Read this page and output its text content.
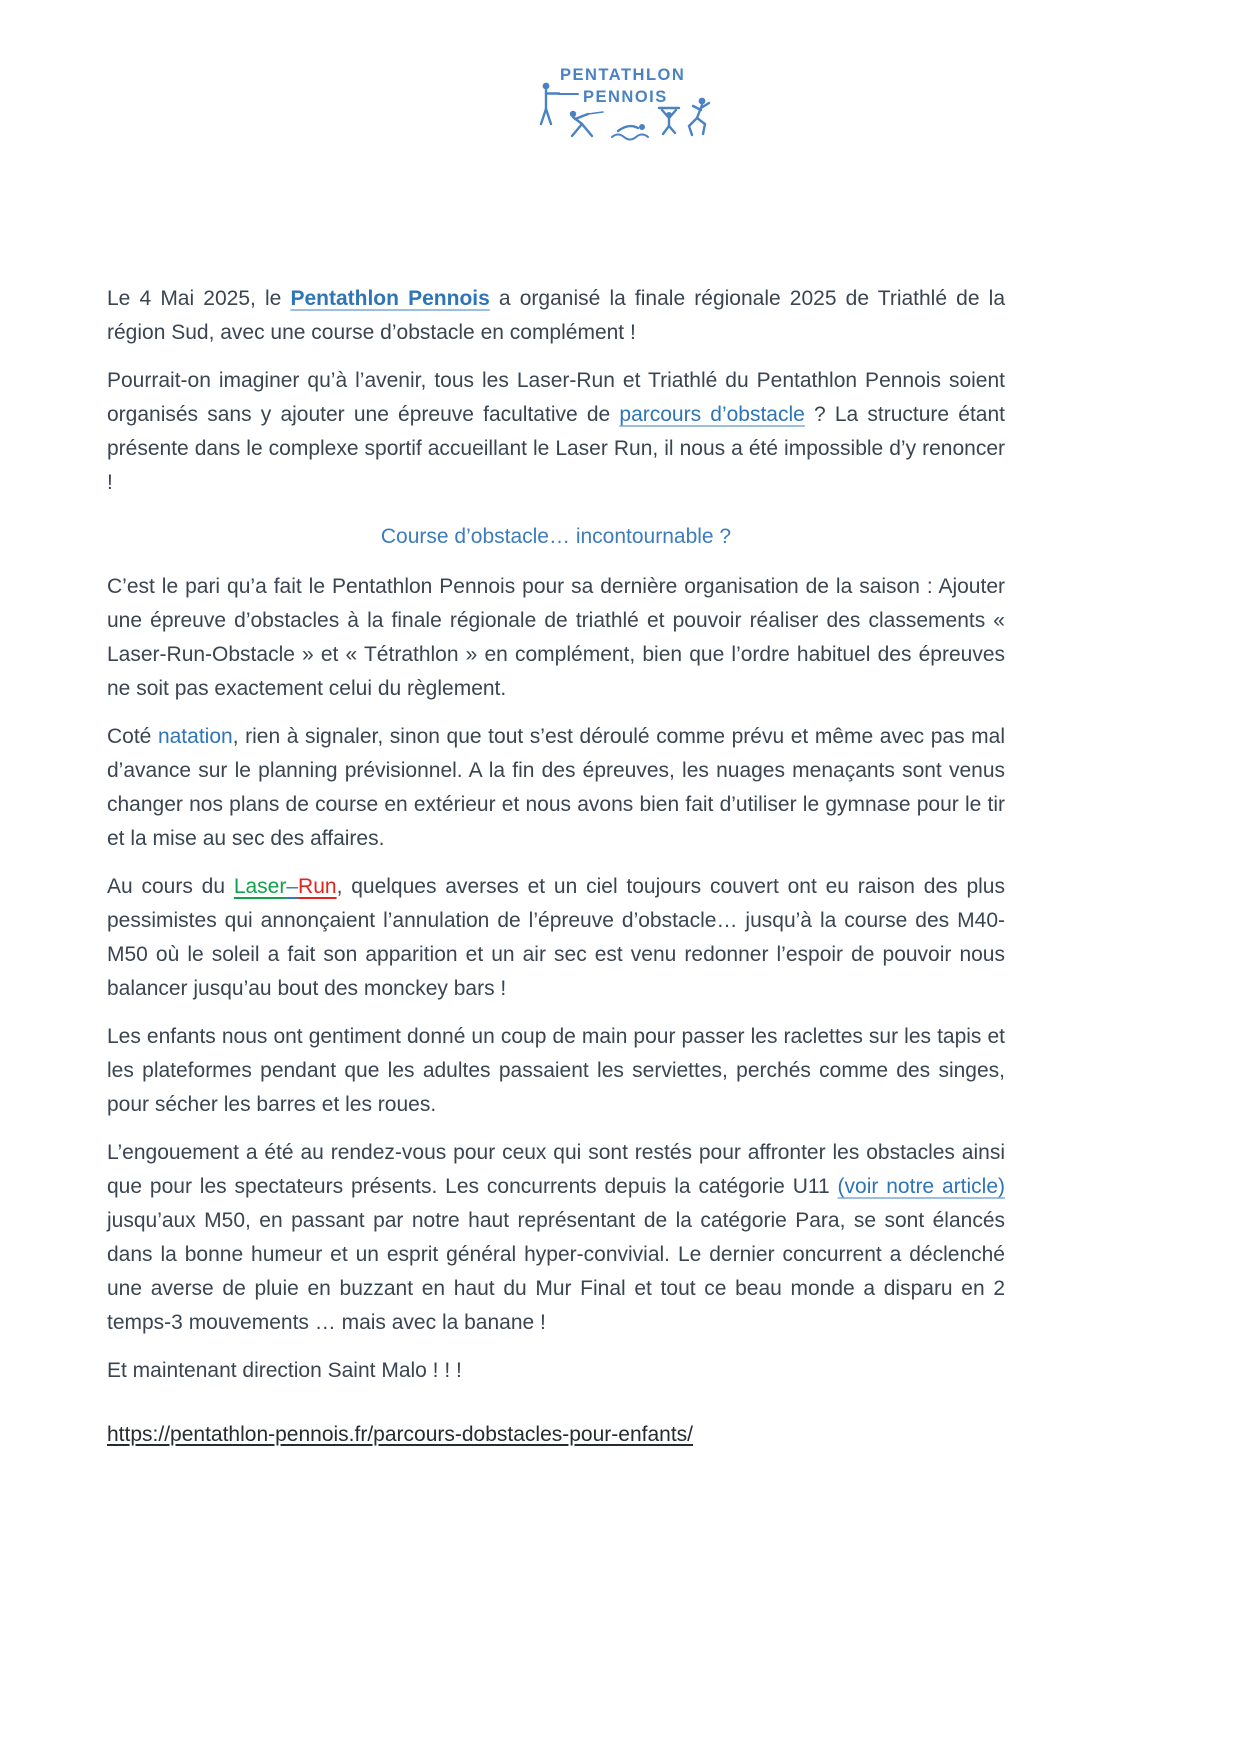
PENTATHLON
PENNOIS

Le 4 Mai 2025, le Pentathlon Pennois a organisé la finale régionale 2025 de Triathlé de la région Sud, avec une course d’obstacle en complément !

Pourrait-on imaginer qu’à l’avenir, tous les Laser-Run et Triathlé du Pentathlon Pennois soient organisés sans y ajouter une épreuve facultative de parcours d’obstacle ? La structure étant présente dans le complexe sportif accueillant le Laser Run, il nous a été impossible d’y renoncer !

Course d’obstacle… incontournable ?

C’est le pari qu’a fait le Pentathlon Pennois pour sa dernière organisation de la saison : Ajouter une épreuve d’obstacles à la finale régionale de triathlé et pouvoir réaliser des classements « Laser-Run-Obstacle » et « Tétrathlon » en complément, bien que l’ordre habituel des épreuves ne soit pas exactement celui du règlement.

Coté natation, rien à signaler, sinon que tout s’est déroulé comme prévu et même avec pas mal d’avance sur le planning prévisionnel. A la fin des épreuves, les nuages menaçants sont venus changer nos plans de course en extérieur et nous avons bien fait d’utiliser le gymnase pour le tir et la mise au sec des affaires.

Au cours du Laser–Run, quelques averses et un ciel toujours couvert ont eu raison des plus pessimistes qui annonçaient l’annulation de l’épreuve d’obstacle… jusqu’à la course des M40-M50 où le soleil a fait son apparition et un air sec est venu redonner l’espoir de pouvoir nous balancer jusqu’au bout des monckey bars !

Les enfants nous ont gentiment donné un coup de main pour passer les raclettes sur les tapis et les plateformes pendant que les adultes passaient les serviettes, perchés comme des singes, pour sécher les barres et les roues.

L’engouement a été au rendez-vous pour ceux qui sont restés pour affronter les obstacles ainsi que pour les spectateurs présents. Les concurrents depuis la catégorie U11 (voir notre article) jusqu’aux M50, en passant par notre haut représentant de la catégorie Para, se sont élancés dans la bonne humeur et un esprit général hyper-convivial. Le dernier concurrent a déclenché une averse de pluie en buzzant en haut du Mur Final et tout ce beau monde a disparu en 2 temps-3 mouvements … mais avec la banane !

Et maintenant direction Saint Malo ! ! !

https://pentathlon-pennois.fr/parcours-dobstacles-pour-enfants/
